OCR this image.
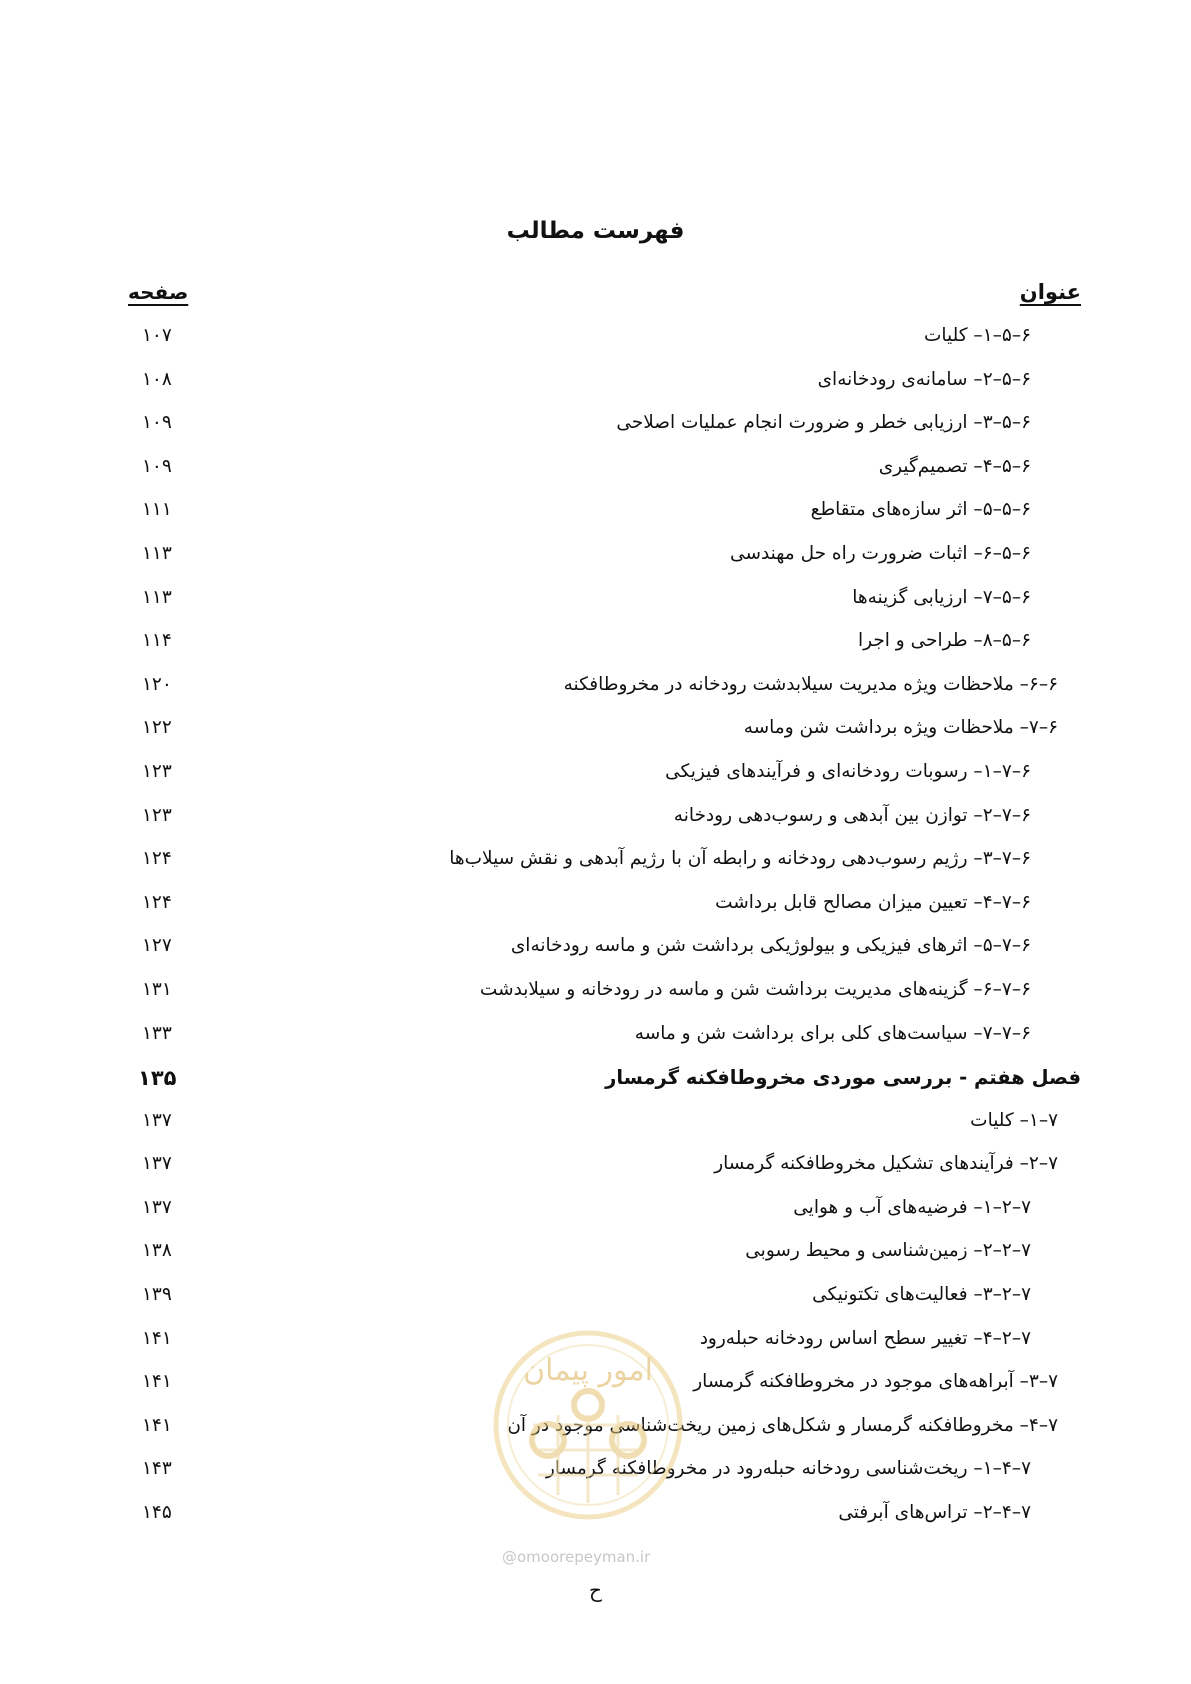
فهرست مطالب
عنوان
صفحه
۶–۵–۱– کلیات
۱۰۷
۶–۵–۲– سامانه‌ی رودخانه‌ای
۱۰۸
۶–۵–۳– ارزیابی خطر و ضرورت انجام عملیات اصلاحی
۱۰۹
۶–۵–۴– تصمیم‌گیری
۱۰۹
۶–۵–۵– اثر سازه‌های متقاطع
۱۱۱
۶–۵–۶– اثبات ضرورت راه حل مهندسی
۱۱۳
۶–۵–۷– ارزیابی گزینه‌ها
۱۱۳
۶–۵–۸– طراحی و اجرا
۱۱۴
۶–۶– ملاحظات ویژه مدیریت سیلابدشت رودخانه در مخروطافکنه
۱۲۰
۶–۷– ملاحظات ویژه برداشت شن وماسه
۱۲۲
۶–۷–۱– رسوبات رودخانه‌ای و فرآیندهای فیزیکی
۱۲۳
۶–۷–۲– توازن بین آبدهی و رسوب‌دهی رودخانه
۱۲۳
۶–۷–۳– رژیم رسوب‌دهی رودخانه و رابطه آن با رژیم آبدهی و نقش سیلاب‌ها
۱۲۴
۶–۷–۴– تعیین میزان مصالح قابل برداشت
۱۲۴
۶–۷–۵– اثرهای فیزیکی و بیولوژیکی برداشت شن و ماسه رودخانه‌ای
۱۲۷
۶–۷–۶– گزینه‌های مدیریت برداشت شن و ماسه در رودخانه و سیلابدشت
۱۳۱
۶–۷–۷– سیاست‌های کلی برای برداشت شن و ماسه
۱۳۳
فصل هفتم - بررسی موردی مخروطافکنه گرمسار
۱۳۵
۷–۱– کلیات
۱۳۷
۷–۲– فرآیندهای تشکیل مخروطافکنه گرمسار
۱۳۷
۷–۲–۱– فرضیه‌های آب و هوایی
۱۳۷
۷–۲–۲– زمین‌شناسی و محیط رسوبی
۱۳۸
۷–۲–۳– فعالیت‌های تکتونیکی
۱۳۹
۷–۲–۴– تغییر سطح اساس رودخانه حبله‌رود
۱۴۱
۷–۳– آبراهه‌های موجود در مخروطافکنه گرمسار
۱۴۱
۷–۴– مخروطافکنه گرمسار و شکل‌های زمین ریخت‌شناسی موجود در آن
۱۴۱
۷–۴–۱– ریخت‌شناسی رودخانه حبله‌رود در مخروطافکنه گرمسار
۱۴۳
۷–۴–۲– تراس‌های آبرفتی
۱۴۵
امور پیمان
@omoorepeyman.ir
ح
